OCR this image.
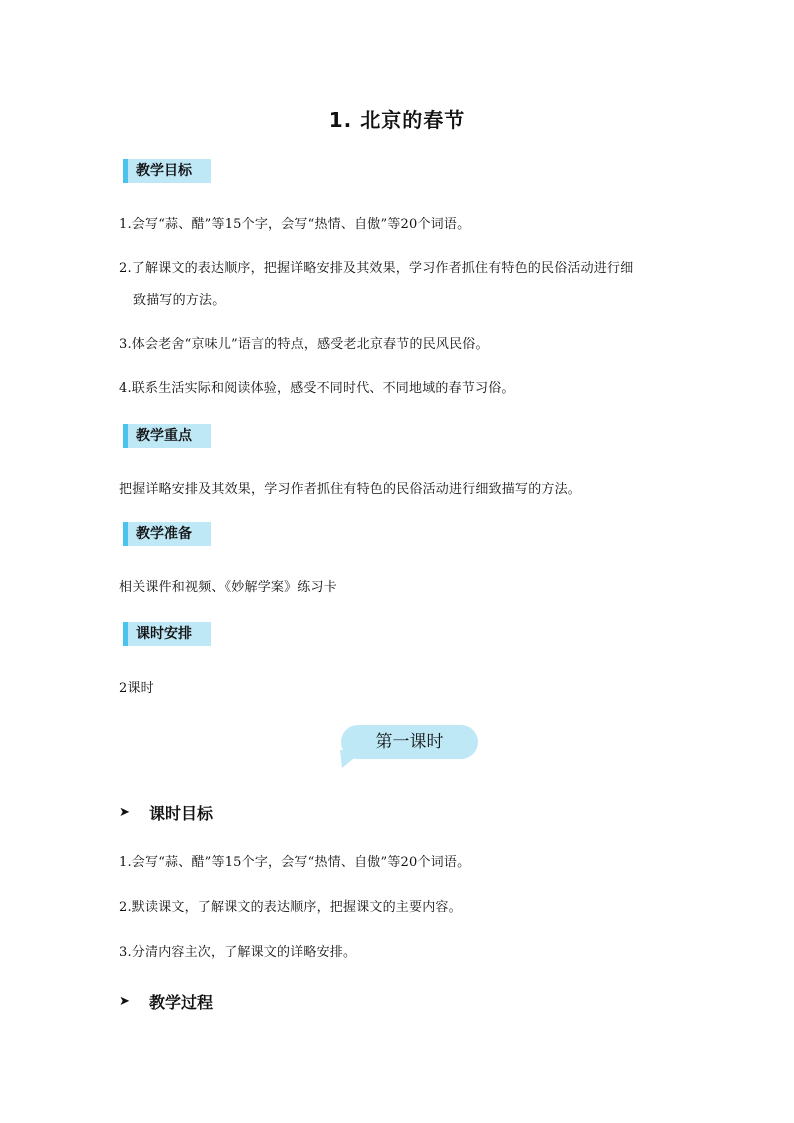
1. 北京的春节
教学目标
1.会写“蒜、醋”等15个字，会写“热情、自傲”等20个词语。
2.了解课文的表达顺序，把握详略安排及其效果，学习作者抓住有特色的民俗活动进行细
致描写的方法。
3.体会老舍“京味儿”语言的特点，感受老北京春节的民风民俗。
4.联系生活实际和阅读体验，感受不同时代、不同地域的春节习俗。
教学重点
把握详略安排及其效果，学习作者抓住有特色的民俗活动进行细致描写的方法。
教学准备
相关课件和视频、《妙解学案》练习卡
课时安排
2课时
第一课时
➤ 课时目标
1.会写“蒜、醋”等15个字，会写“热情、自傲”等20个词语。
2.默读课文，了解课文的表达顺序，把握课文的主要内容。
3.分清内容主次，了解课文的详略安排。
➤ 教学过程
